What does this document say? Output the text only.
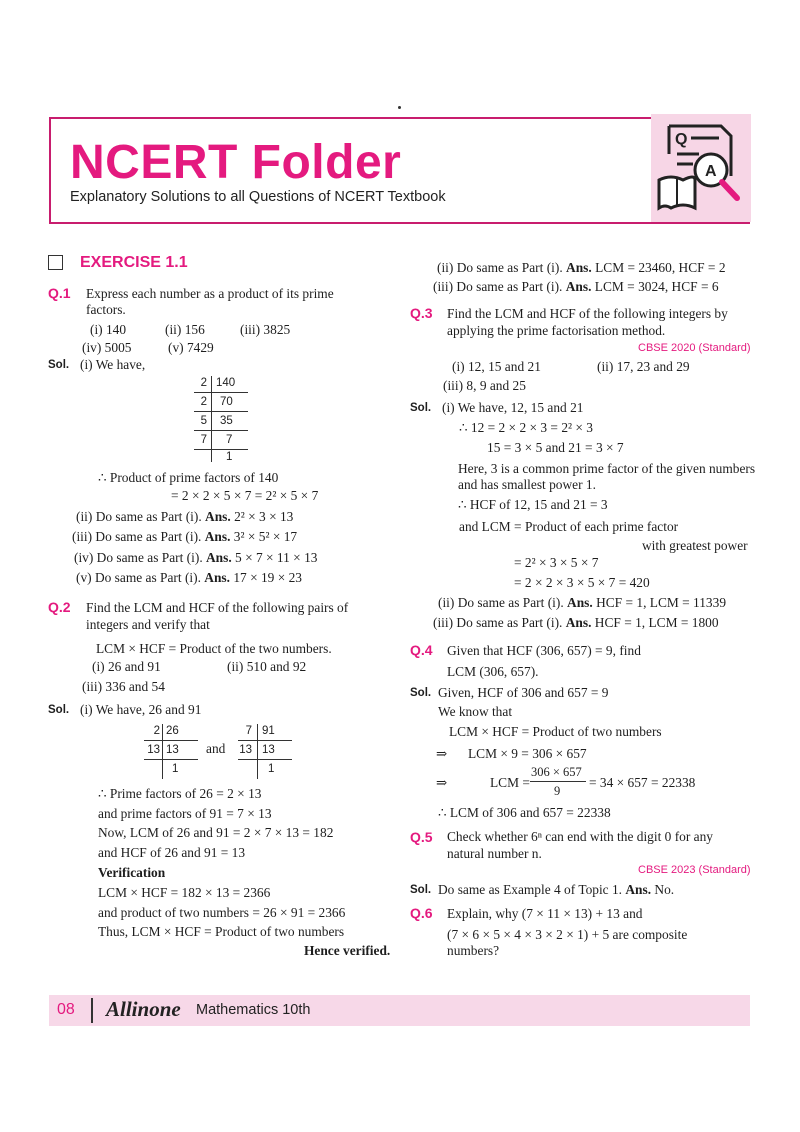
NCERT Folder
Explanatory Solutions to all Questions of NCERT Textbook
Q
A
EXERCISE 1.1
Q.1 Express each number as a product of its prime
factors.
(i) 140	(ii) 156	(iii) 3825
(iv) 5005	(v) 7429
Sol. (i) We have,
2 140
2 70
5 35
7 7
1
∴ Product of prime factors of 140
= 2 × 2 × 5 × 7 = 2² × 5 × 7
(ii) Do same as Part (i). Ans. 2² × 3 × 13
(iii) Do same as Part (i). Ans. 3² × 5² × 17
(iv) Do same as Part (i). Ans. 5 × 7 × 11 × 13
(v) Do same as Part (i). Ans. 17 × 19 × 23
Q.2 Find the LCM and HCF of the following pairs of
integers and verify that
LCM × HCF = Product of the two numbers.
(i) 26 and 91	(ii) 510 and 92
(iii) 336 and 54
Sol. (i) We have, 26 and 91
2 26
13 13
1
and
7 91
13 13
1
∴ Prime factors of 26 = 2 × 13
and prime factors of 91 = 7 × 13
Now, LCM of 26 and 91 = 2 × 7 × 13 = 182
and HCF of 26 and 91 = 13
Verification
LCM × HCF = 182 × 13 = 2366
and product of two numbers = 26 × 91 = 2366
Thus, LCM × HCF = Product of two numbers
Hence verified.
(ii) Do same as Part (i). Ans. LCM = 23460, HCF = 2
(iii) Do same as Part (i). Ans. LCM = 3024, HCF = 6
Q.3 Find the LCM and HCF of the following integers by
applying the prime factorisation method.
CBSE 2020 (Standard)
(i) 12, 15 and 21	(ii) 17, 23 and 29
(iii) 8, 9 and 25
Sol. (i) We have, 12, 15 and 21
∴ 12 = 2 × 2 × 3 = 2² × 3
15 = 3 × 5 and 21 = 3 × 7
Here, 3 is a common prime factor of the given numbers
and has smallest power 1.
∴ HCF of 12, 15 and 21 = 3
and LCM = Product of each prime factor
with greatest power
= 2² × 3 × 5 × 7
= 2 × 2 × 3 × 5 × 7 = 420
(ii) Do same as Part (i). Ans. HCF = 1, LCM = 11339
(iii) Do same as Part (i). Ans. HCF = 1, LCM = 1800
Q.4 Given that HCF (306, 657) = 9, find
LCM (306, 657).
Sol. Given, HCF of 306 and 657 = 9
We know that
LCM × HCF = Product of two numbers
⇒ LCM × 9 = 306 × 657
⇒	LCM =
306 × 657
9
= 34 × 657 = 22338
∴ LCM of 306 and 657 = 22338
Q.5 Check whether 6ⁿ can end with the digit 0 for any
natural number n.
CBSE 2023 (Standard)
Sol. Do same as Example 4 of Topic 1. Ans. No.
Q.6 Explain, why (7 × 11 × 13) + 13 and
(7 × 6 × 5 × 4 × 3 × 2 × 1) + 5 are composite
numbers?
08 Allinone Mathematics 10th
